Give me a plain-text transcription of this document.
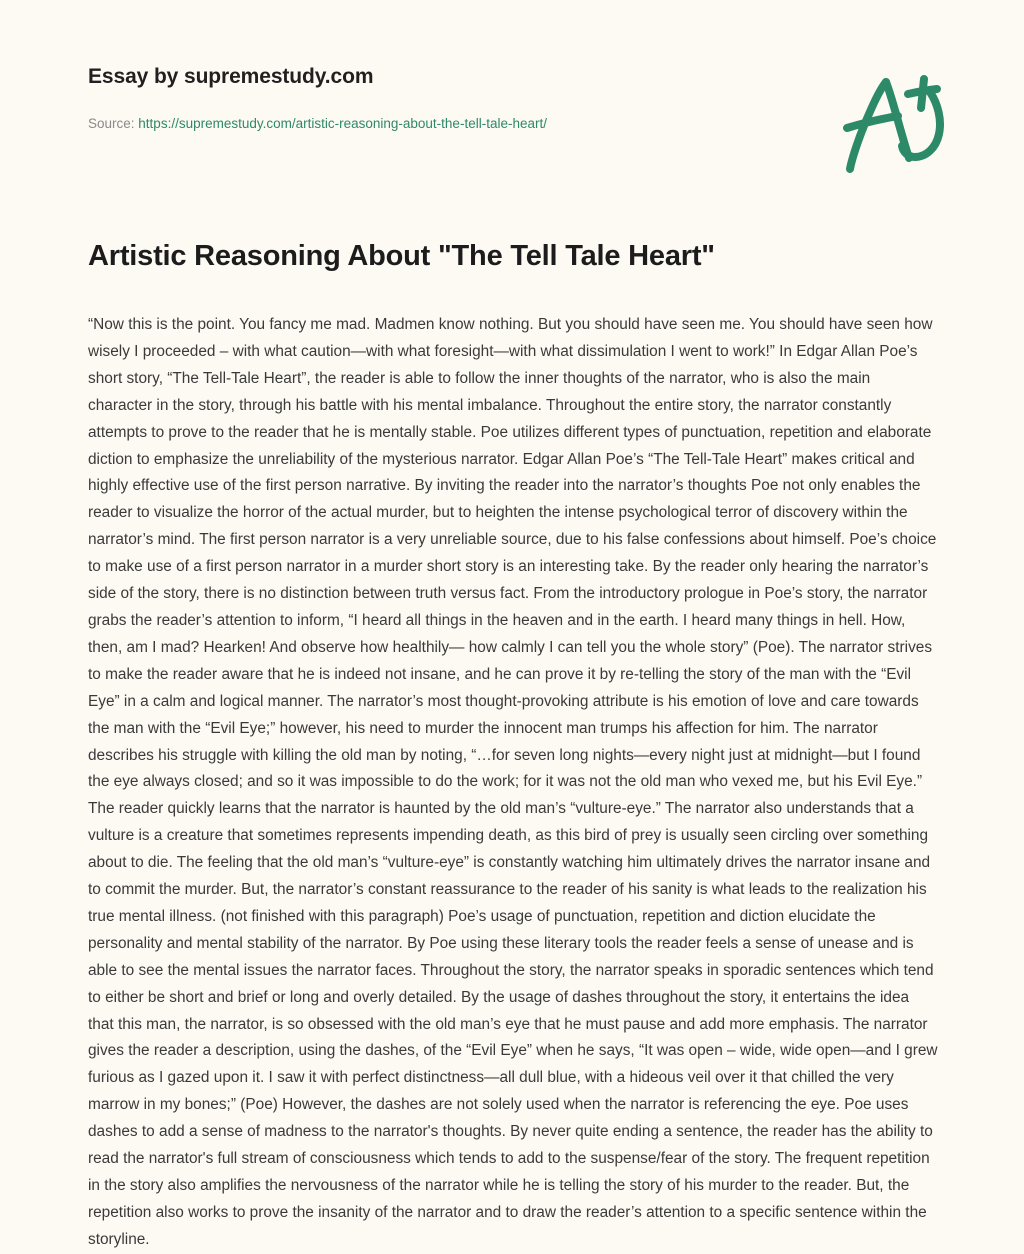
Essay by supremestudy.com
Source: https://supremestudy.com/artistic-reasoning-about-the-tell-tale-heart/
Artistic Reasoning About "The Tell Tale Heart"

“Now this is the point. You fancy me mad. Madmen know nothing. But you should have seen me. You should have seen how wisely I proceeded – with what caution—with what foresight—with what dissimulation I went to work!” In Edgar Allan Poe’s short story, “The Tell-Tale Heart”, the reader is able to follow the inner thoughts of the narrator, who is also the main character in the story, through his battle with his mental imbalance. Throughout the entire story, the narrator constantly attempts to prove to the reader that he is mentally stable. Poe utilizes different types of punctuation, repetition and elaborate diction to emphasize the unreliability of the mysterious narrator. Edgar Allan Poe’s “The Tell-Tale Heart” makes critical and highly effective use of the first person narrative. By inviting the reader into the narrator’s thoughts Poe not only enables the reader to visualize the horror of the actual murder, but to heighten the intense psychological terror of discovery within the narrator’s mind. The first person narrator is a very unreliable source, due to his false confessions about himself. Poe’s choice to make use of a first person narrator in a murder short story is an interesting take. By the reader only hearing the narrator’s side of the story, there is no distinction between truth versus fact. From the introductory prologue in Poe’s story, the narrator grabs the reader’s attention to inform, “I heard all things in the heaven and in the earth. I heard many things in hell. How, then, am I mad? Hearken! And observe how healthily— how calmly I can tell you the whole story” (Poe). The narrator strives to make the reader aware that he is indeed not insane, and he can prove it by re-telling the story of the man with the “Evil Eye” in a calm and logical manner. The narrator’s most thought-provoking attribute is his emotion of love and care towards the man with the “Evil Eye;” however, his need to murder the innocent man trumps his affection for him. The narrator describes his struggle with killing the old man by noting, “…for seven long nights—every night just at midnight—but I found the eye always closed; and so it was impossible to do the work; for it was not the old man who vexed me, but his Evil Eye.” The reader quickly learns that the narrator is haunted by the old man’s “vulture-eye.” The narrator also understands that a vulture is a creature that sometimes represents impending death, as this bird of prey is usually seen circling over something about to die. The feeling that the old man’s “vulture-eye” is constantly watching him ultimately drives the narrator insane and to commit the murder. But, the narrator’s constant reassurance to the reader of his sanity is what leads to the realization his true mental illness. (not finished with this paragraph) Poe’s usage of punctuation, repetition and diction elucidate the personality and mental stability of the narrator. By Poe using these literary tools the reader feels a sense of unease and is able to see the mental issues the narrator faces. Throughout the story, the narrator speaks in sporadic sentences which tend to either be short and brief or long and overly detailed. By the usage of dashes throughout the story, it entertains the idea that this man, the narrator, is so obsessed with the old man’s eye that he must pause and add more emphasis. The narrator gives the reader a description, using the dashes, of the “Evil Eye” when he says, “It was open – wide, wide open—and I grew furious as I gazed upon it. I saw it with perfect distinctness—all dull blue, with a hideous veil over it that chilled the very marrow in my bones;” (Poe) However, the dashes are not solely used when the narrator is referencing the eye. Poe uses dashes to add a sense of madness to the narrator's thoughts. By never quite ending a sentence, the reader has the ability to read the narrator's full stream of consciousness which tends to add to the suspense/fear of the story. The frequent repetition in the story also amplifies the nervousness of the narrator while he is telling the story of his murder to the reader. But, the repetition also works to prove the insanity of the narrator and to draw the reader’s attention to a specific sentence within the storyline.
